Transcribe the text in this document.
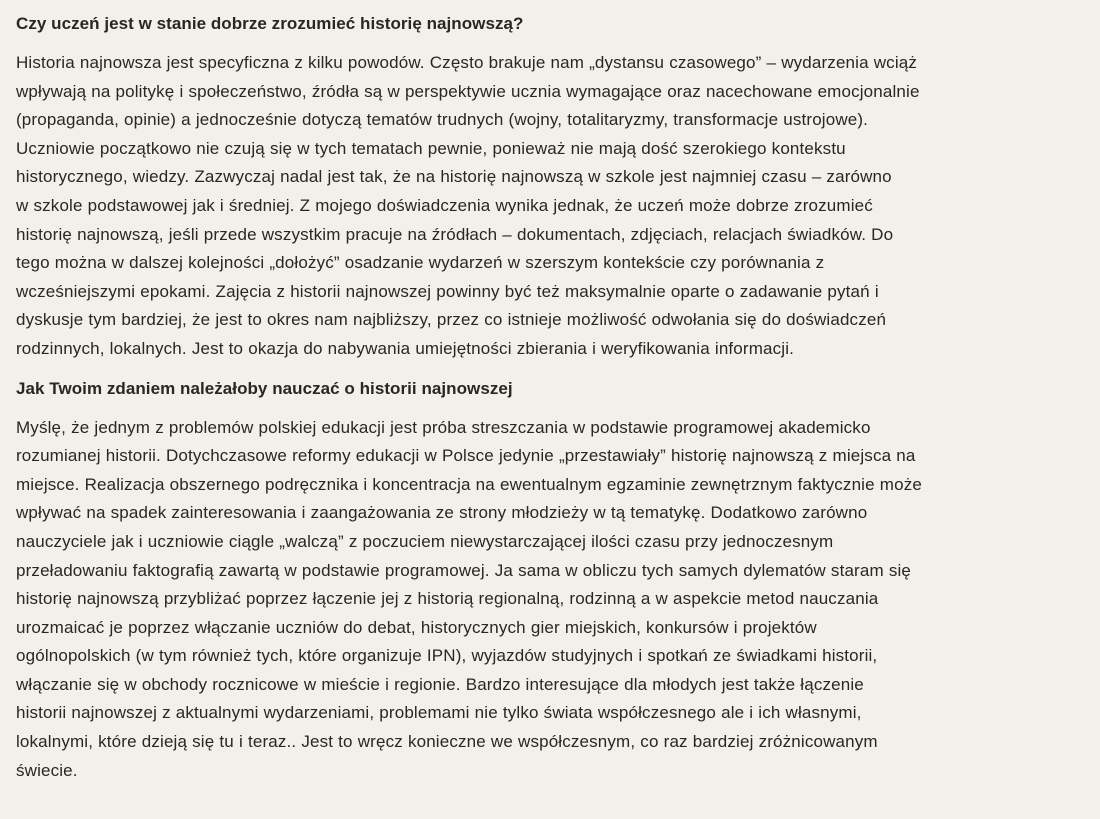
Czy uczeń jest w stanie dobrze zrozumieć historię najnowszą?

Historia najnowsza jest specyficzna z kilku powodów. Często brakuje nam „dystansu czasowego” – wydarzenia wciąż
wpływają na politykę i społeczeństwo, źródła są w perspektywie ucznia wymagające oraz nacechowane emocjonalnie
(propaganda, opinie) a jednocześnie dotyczą tematów trudnych (wojny, totalitaryzmy, transformacje ustrojowe).
Uczniowie początkowo nie czują się w tych tematach pewnie, ponieważ nie mają dość szerokiego kontekstu
historycznego, wiedzy. Zazwyczaj nadal jest tak, że na historię najnowszą w szkole jest najmniej czasu – zarówno
w szkole podstawowej jak i średniej. Z mojego doświadczenia wynika jednak, że uczeń może dobrze zrozumieć
historię najnowszą, jeśli przede wszystkim pracuje na źródłach – dokumentach, zdjęciach, relacjach świadków. Do
tego można w dalszej kolejności „dołożyć” osadzanie wydarzeń w szerszym kontekście czy porównania z
wcześniejszymi epokami. Zajęcia z historii najnowszej powinny być też maksymalnie oparte o zadawanie pytań i
dyskusje tym bardziej, że jest to okres nam najbliższy, przez co istnieje możliwość odwołania się do doświadczeń
rodzinnych, lokalnych. Jest to okazja do nabywania umiejętności zbierania i weryfikowania informacji.

Jak Twoim zdaniem należałoby nauczać o historii najnowszej

Myślę, że jednym z problemów polskiej edukacji jest próba streszczania w podstawie programowej akademicko
rozumianej historii. Dotychczasowe reformy edukacji w Polsce jedynie „przestawiały” historię najnowszą z miejsca na
miejsce. Realizacja obszernego podręcznika i koncentracja na ewentualnym egzaminie zewnętrznym faktycznie może
wpływać na spadek zainteresowania i zaangażowania ze strony młodzieży w tą tematykę. Dodatkowo zarówno
nauczyciele jak i uczniowie ciągle „walczą” z poczuciem niewystarczającej ilości czasu przy jednoczesnym
przeładowaniu faktografią zawartą w podstawie programowej. Ja sama w obliczu tych samych dylematów staram się
historię najnowszą przybliżać poprzez łączenie jej z historią regionalną, rodzinną a w aspekcie metod nauczania
urozmaicać je poprzez włączanie uczniów do debat, historycznych gier miejskich, konkursów i projektów
ogólnopolskich (w tym również tych, które organizuje IPN), wyjazdów studyjnych i spotkań ze świadkami historii,
włączanie się w obchody rocznicowe w mieście i regionie. Bardzo interesujące dla młodych jest także łączenie
historii najnowszej z aktualnymi wydarzeniami, problemami nie tylko świata współczesnego ale i ich własnymi,
lokalnymi, które dzieją się tu i teraz.. Jest to wręcz konieczne we współczesnym, co raz bardziej zróżnicowanym
świecie.
